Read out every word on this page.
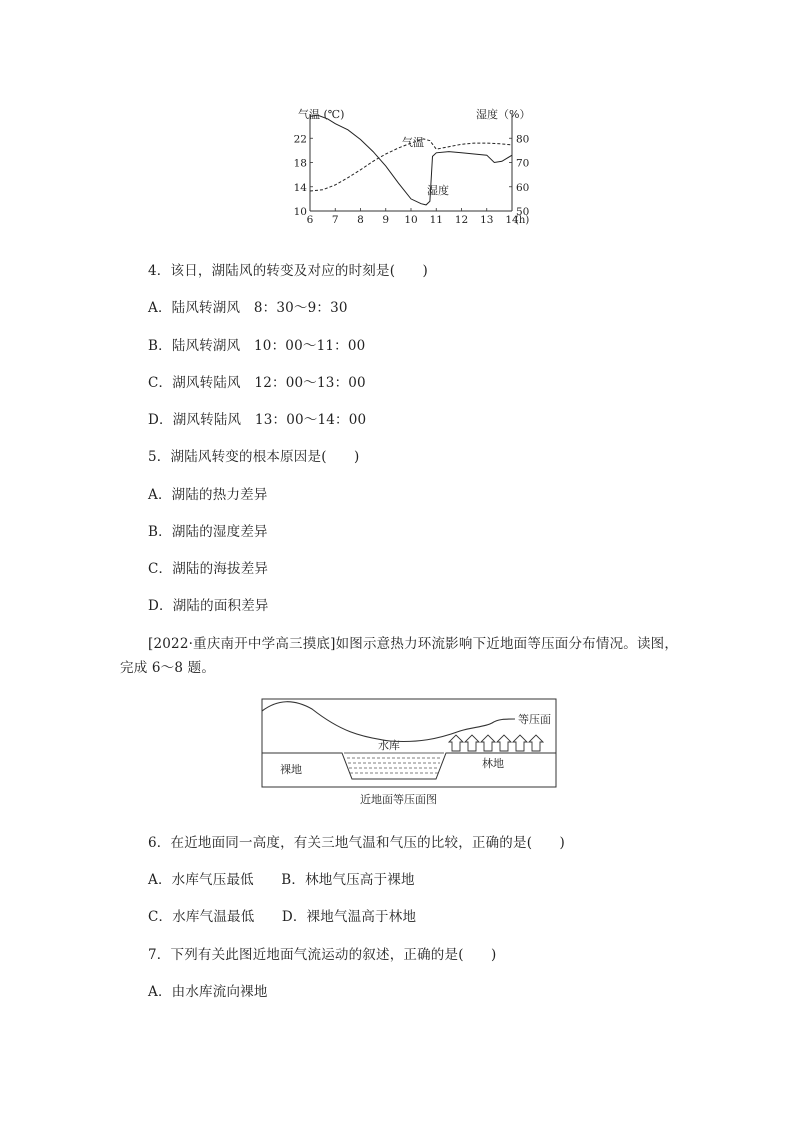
气温 (℃)	湿度（%）
6 7 8 9 10 11 12 13 14
(h)
10
14
18
22
50
60
70
80
气温
湿度
4．该日，湖陆风的转变及对应的时刻是(　　)
A．陆风转湖风　8：30～9：30
B．陆风转湖风　10：00～11：00
C．湖风转陆风　12：00～13：00
D．湖风转陆风　13：00～14：00
5．湖陆风转变的根本原因是(　　)
A．湖陆的热力差异
B．湖陆的湿度差异
C．湖陆的海拔差异
D．湖陆的面积差异
[2022·重庆南开中学高三摸底]如图示意热力环流影响下近地面等压面分布情况。读图，
完成 6～8 题。
等压面
水库
裸地	林地
近地面等压面图
6．在近地面同一高度，有关三地气温和气压的比较，正确的是(　　)
A．水库气压最低　　B．林地气压高于裸地
C．水库气温最低　　D．裸地气温高于林地
7．下列有关此图近地面气流运动的叙述，正确的是(　　)
A．由水库流向裸地
